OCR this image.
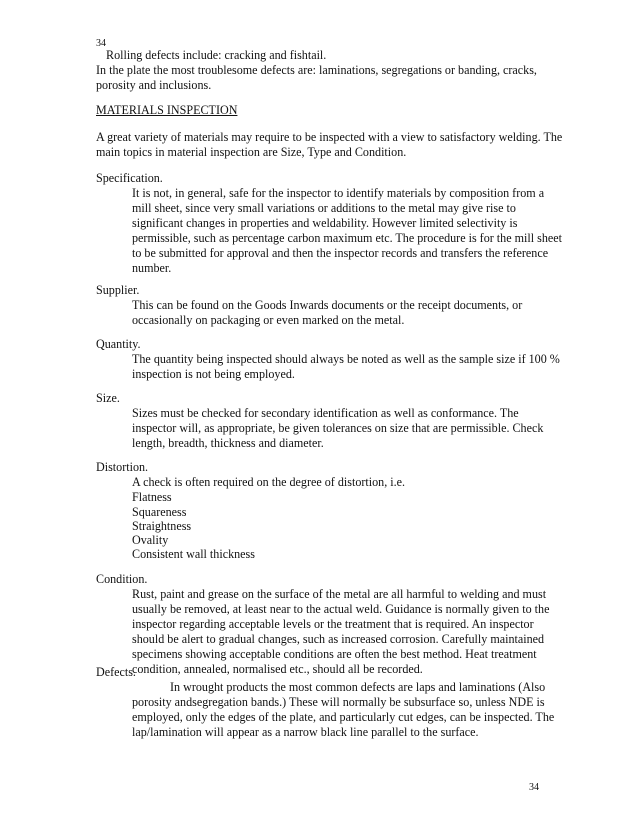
34
Rolling defects include: cracking and fishtail.
In the plate the most troublesome defects are: laminations, segregations or banding, cracks,
porosity and inclusions.
MATERIALS INSPECTION
A great variety of materials may require to be inspected with a view to satisfactory welding. The
main topics in material inspection are Size, Type and Condition.
Specification.
It is not, in general, safe for the inspector to identify materials by composition from a
mill sheet, since very small variations or additions to the metal may give rise to
significant changes in properties and weldability. However limited selectivity is
permissible, such as percentage carbon maximum etc. The procedure is for the mill sheet
to be submitted for approval and then the inspector records and transfers the reference
number.
Supplier.
This can be found on the Goods Inwards documents or the receipt documents, or
occasionally on packaging or even marked on the metal.
Quantity.
The quantity being inspected should always be noted as well as the sample size if 100 %
inspection is not being employed.
Size.
Sizes must be checked for secondary identification as well as conformance. The
inspector will, as appropriate, be given tolerances on size that are permissible. Check
length, breadth, thickness and diameter.
Distortion.
A check is often required on the degree of distortion, i.e.
Flatness
Squareness
Straightness
Ovality
Consistent wall thickness
Condition.
Rust, paint and grease on the surface of the metal are all harmful to welding and must
usually be removed, at least near to the actual weld. Guidance is normally given to the
inspector regarding acceptable levels or the treatment that is required. An inspector
should be alert to gradual changes, such as increased corrosion. Carefully maintained
specimens showing acceptable conditions are often the best method. Heat treatment
condition, annealed, normalised etc., should all be recorded.
Defects.
In wrought products the most common defects are laps and laminations (Also
porosity andsegregation bands.) These will normally be subsurface so, unless NDE is
employed, only the edges of the plate, and particularly cut edges, can be inspected. The
lap/lamination will appear as a narrow black line parallel to the surface.
34
